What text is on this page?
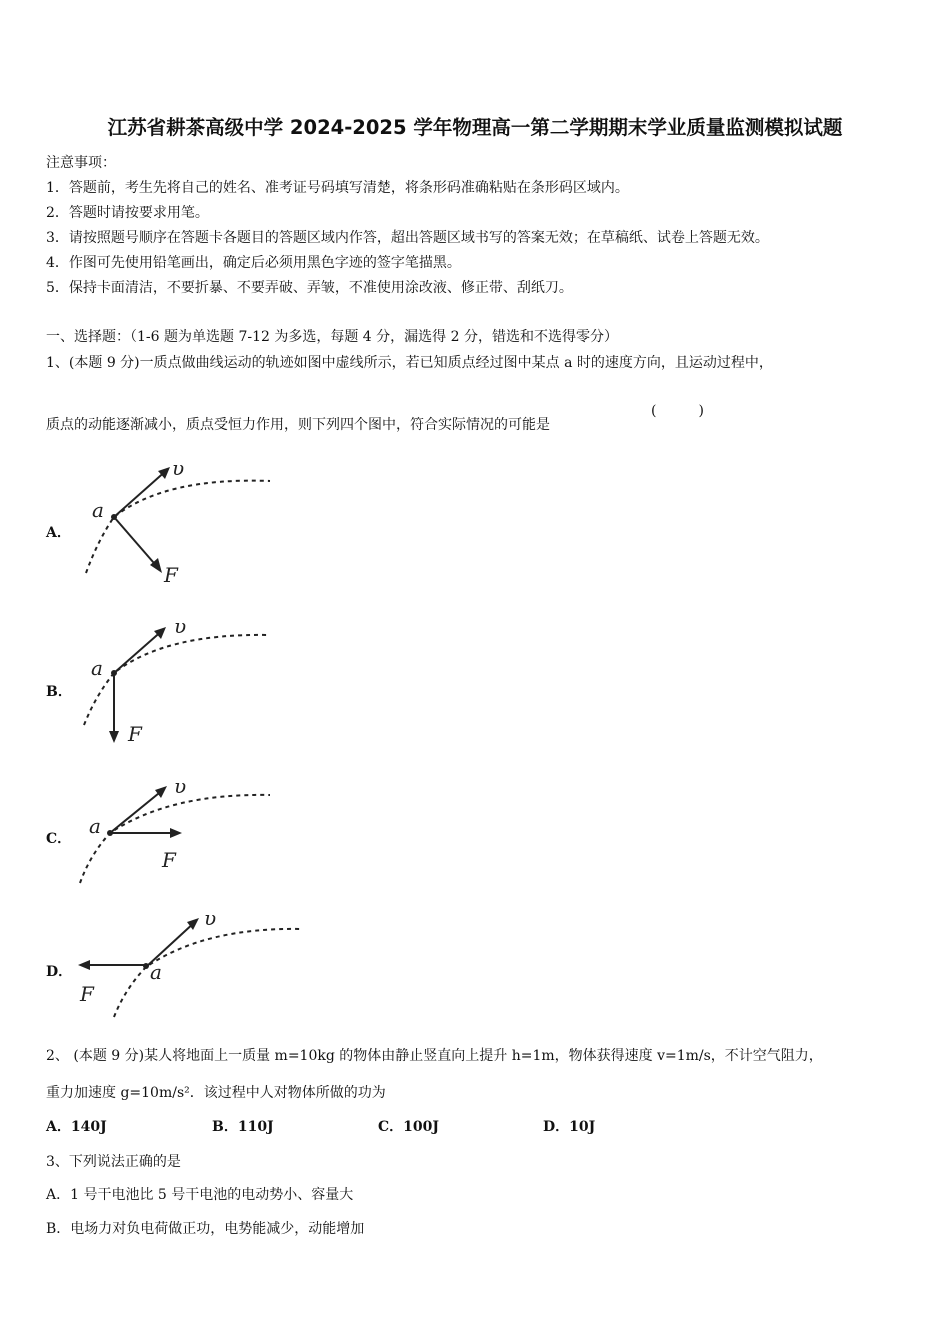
江苏省耕茶高级中学 2024-2025 学年物理高一第二学期期末学业质量监测模拟试题
注意事项：
1．答题前，考生先将自己的姓名、准考证号码填写清楚，将条形码准确粘贴在条形码区域内。
2．答题时请按要求用笔。
3．请按照题号顺序在答题卡各题目的答题区域内作答，超出答题区域书写的答案无效；在草稿纸、试卷上答题无效。
4．作图可先使用铅笔画出，确定后必须用黑色字迹的签字笔描黑。
5．保持卡面清洁，不要折暴、不要弄破、弄皱，不准使用涂改液、修正带、刮纸刀。
一、选择题：（1-6 题为单选题 7-12 为多选，每题 4 分，漏选得 2 分，错选和不选得零分）
1、(本题 9 分)一质点做曲线运动的轨迹如图中虚线所示，若已知质点经过图中某点 a 时的速度方向，且运动过程中，
质点的动能逐渐减小，质点受恒力作用，则下列四个图中，符合实际情况的可能是
(　　　)
A．
a
υ
F
B．
a
υ
F
C．
a
υ
F
D．	a
υ
F
2、 (本题 9 分)某人将地面上一质量 m=10kg 的物体由静止竖直向上提升 h=1m，物体获得速度 v=1m/s，不计空气阻力，
重力加速度 g=10m/s²．该过程中人对物体所做的功为
A．140J	B．110J	C．100J	D．10J
3、下列说法正确的是
A．1 号干电池比 5 号干电池的电动势小、容量大
B．电场力对负电荷做正功，电势能减少，动能增加
